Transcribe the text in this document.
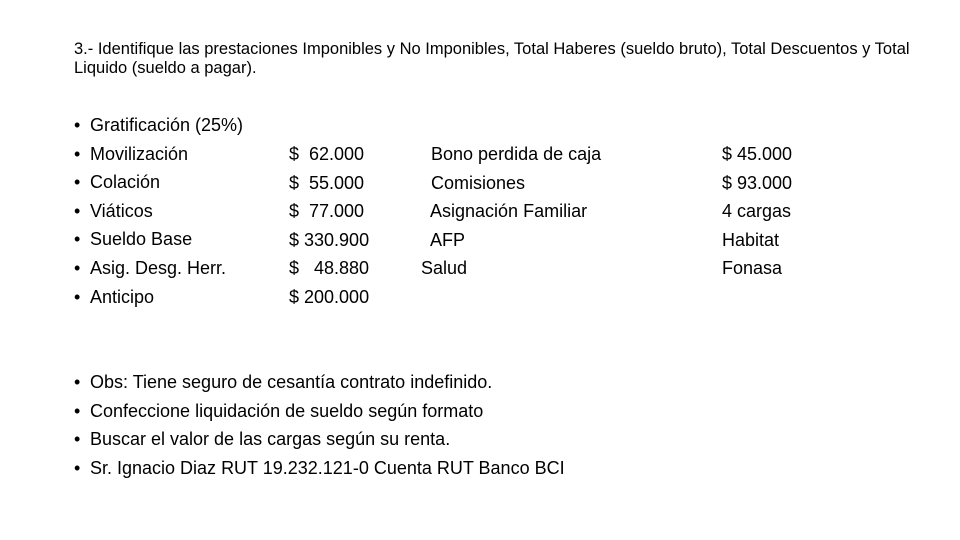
3.- Identifique las prestaciones Imponibles y No Imponibles, Total Haberes (sueldo bruto), Total Descuentos y Total Liquido (sueldo a pagar).
• Gratificación (25%)
• Movilización
• Colación
• Viáticos
• Sueldo Base
• Asig. Desg. Herr.
• Anticipo
$  62.000
$  55.000
$  77.000
$ 330.900
$   48.880
$ 200.000
Bono perdida de caja
Comisiones
Asignación Familiar
AFP
Salud
$ 45.000
$ 93.000
4 cargas
Habitat
Fonasa
• Obs: Tiene seguro de cesantía contrato indefinido.
• Confeccione liquidación de sueldo según formato
• Buscar el valor de las cargas según su renta.
• Sr. Ignacio Diaz RUT 19.232.121-0 Cuenta RUT Banco BCI
